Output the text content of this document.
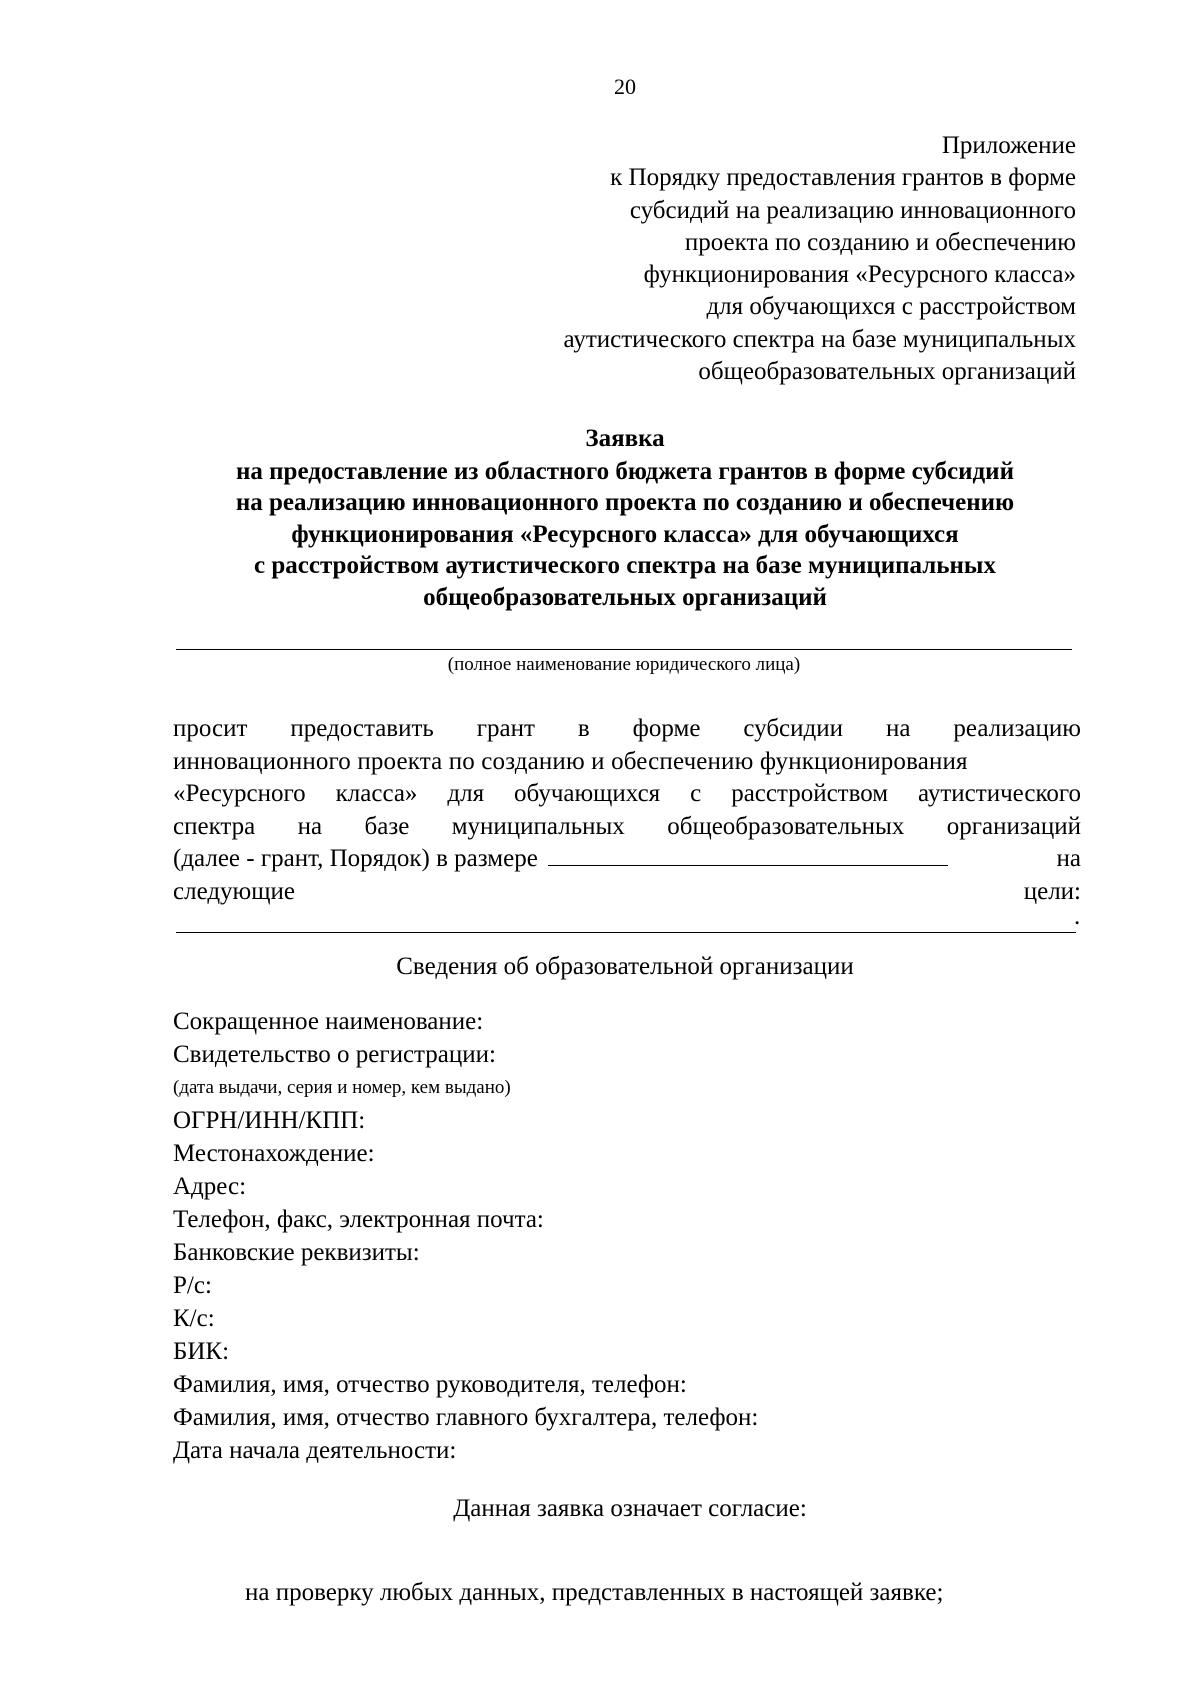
20
Приложение
к Порядку предоставления грантов в форме
субсидий на реализацию инновационного
проекта по созданию и обеспечению
функционирования «Ресурсного класса»
для обучающихся с расстройством
аутистического спектра на базе муниципальных
общеобразовательных организаций
Заявка
на предоставление из областного бюджета грантов в форме субсидий
на реализацию инновационного проекта по созданию и обеспечению
функционирования «Ресурсного класса» для обучающихся
с расстройством аутистического спектра на базе муниципальных
общеобразовательных организаций
(полное наименование юридического лица)
просит предоставить грант в форме субсидии на реализацию
инновационного проекта по созданию и обеспечению функционирования
«Ресурсного класса» для обучающихся с расстройством аутистического
спектра на базе муниципальных общеобразовательных организаций
(далее - грант, Порядок) в размере	на
следующие	цели:
.
Сведения об образовательной организации
Сокращенное наименование:
Свидетельство о регистрации:
(дата выдачи, серия и номер, кем выдано)
ОГРН/ИНН/КПП:
Местонахождение:
Адрес:
Телефон, факс, электронная почта:
Банковские реквизиты:
Р/с:
К/с:
БИК:
Фамилия, имя, отчество руководителя, телефон:
Фамилия, имя, отчество главного бухгалтера, телефон:
Дата начала деятельности:
Данная заявка означает согласие:
на проверку любых данных, представленных в настоящей заявке;
